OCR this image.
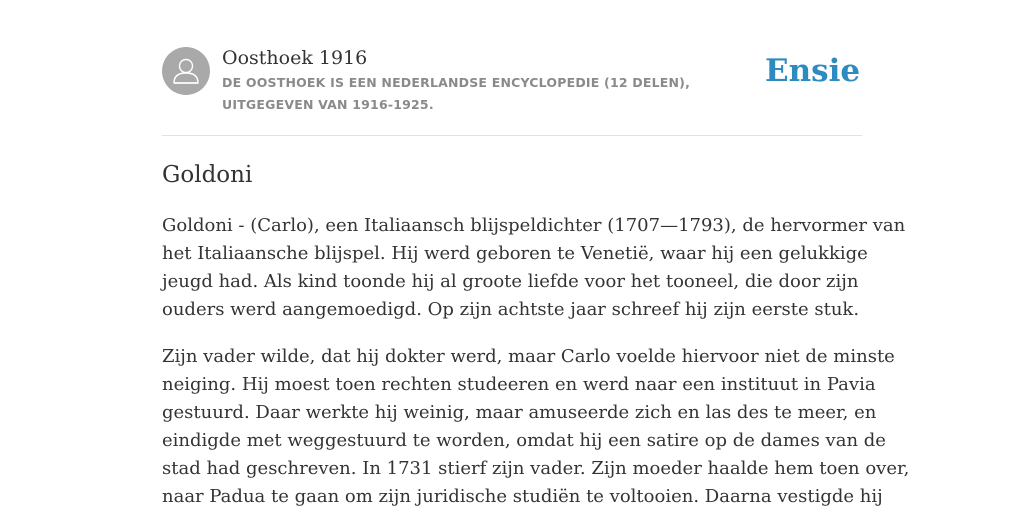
Oosthoek 1916
DE OOSTHOEK IS EEN NEDERLANDSE ENCYCLOPEDIE (12 DELEN), UITGEGEVEN VAN 1916-1925.
Ensie
Goldoni

Goldoni - (Carlo), een Italiaansch blijspeldichter (1707—1793), de hervormer van
het Italiaansche blijspel. Hij werd geboren te Venetië, waar hij een gelukkige
jeugd had. Als kind toonde hij al groote liefde voor het tooneel, die door zijn
ouders werd aangemoedigd. Op zijn achtste jaar schreef hij zijn eerste stuk.

Zijn vader wilde, dat hij dokter werd, maar Carlo voelde hiervoor niet de minste
neiging. Hij moest toen rechten studeeren en werd naar een instituut in Pavia
gestuurd. Daar werkte hij weinig, maar amuseerde zich en las des te meer, en
eindigde met weggestuurd te worden, omdat hij een satire op de dames van de
stad had geschreven. In 1731 stierf zijn vader. Zijn moeder haalde hem toen over,
naar Padua te gaan om zijn juridische studiën te voltooien. Daarna vestigde hij
